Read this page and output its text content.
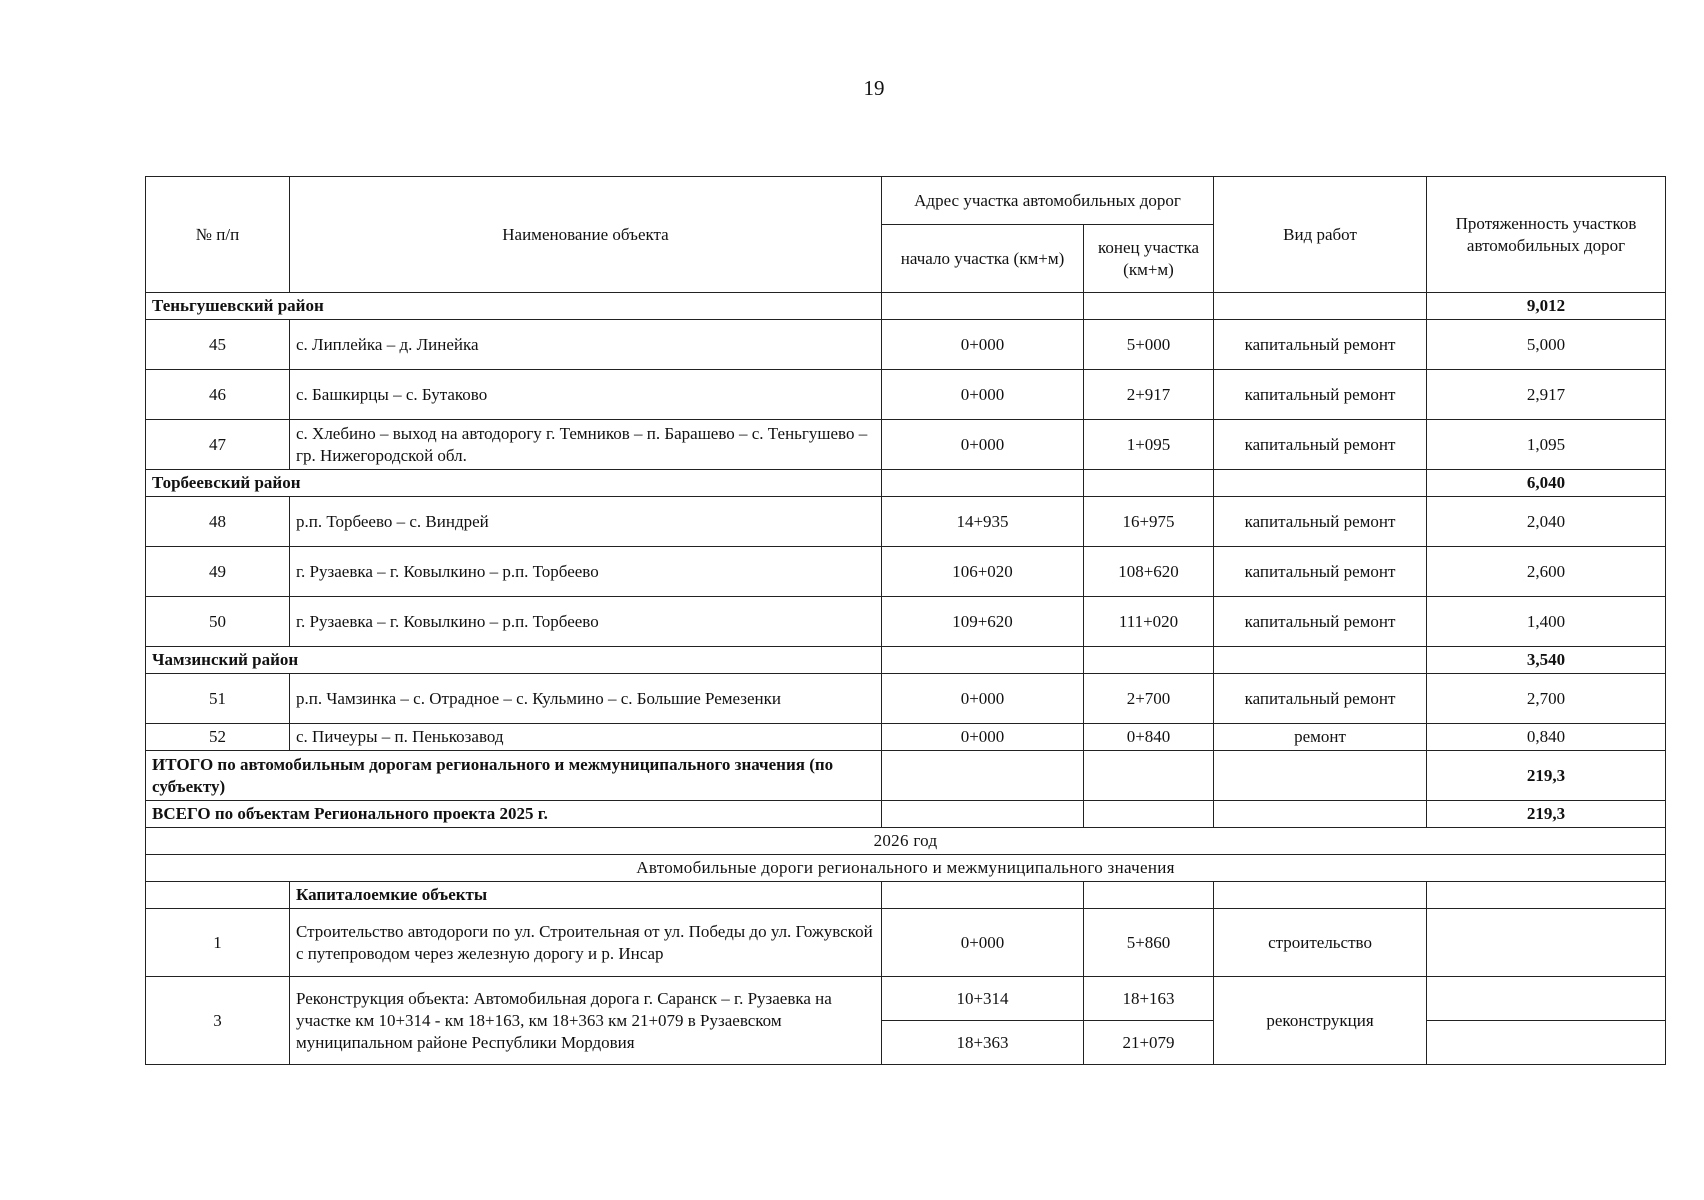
19
№ п/п	Наименование объекта	Адрес участка автомобильных дорог		Вид работ	Протяженность участков автомобильных дорог
		начало участка (км+м)	конец участка (км+м)		
Теньгушевский район					9,012
45	с. Липлейка – д. Линейка	0+000	5+000	капитальный ремонт	5,000
46	с. Башкирцы – с. Бутаково	0+000	2+917	капитальный ремонт	2,917
47	с. Хлебино – выход на автодорогу г. Темников – п. Барашево – с. Теньгушево – гр. Нижегородской обл.	0+000	1+095	капитальный ремонт	1,095
Торбеевский район					6,040
48	р.п. Торбеево – с. Виндрей	14+935	16+975	капитальный ремонт	2,040
49	г. Рузаевка – г. Ковылкино – р.п. Торбеево	106+020	108+620	капитальный ремонт	2,600
50	г. Рузаевка – г. Ковылкино – р.п. Торбеево	109+620	111+020	капитальный ремонт	1,400
Чамзинский район					3,540
51	р.п. Чамзинка – с. Отрадное – с. Кульмино – с. Большие Ремезенки	0+000	2+700	капитальный ремонт	2,700
52	с. Пичеуры – п. Пенькозавод	0+000	0+840	ремонт	0,840
ИТОГО по автомобильным дорогам регионального и межмуниципального значения (по субъекту)					219,3
ВСЕГО по объектам Регионального проекта 2025 г.					219,3
2026 год					
Автомобильные дороги регионального и межмуниципального значения					
	Капиталоемкие объекты				
1	Строительство автодороги по ул. Строительная от ул. Победы до ул. Гожувской с путепроводом через железную дорогу и р. Инсар	0+000	5+860	строительство	
3	Реконструкция объекта: Автомобильная дорога г. Саранск – г. Рузаевка на участке км 10+314 - км 18+163, км 18+363 км 21+079 в Рузаевском муниципальном районе Республики Мордовия	10+314	18+163	реконструкция	
		18+363	21+079		
